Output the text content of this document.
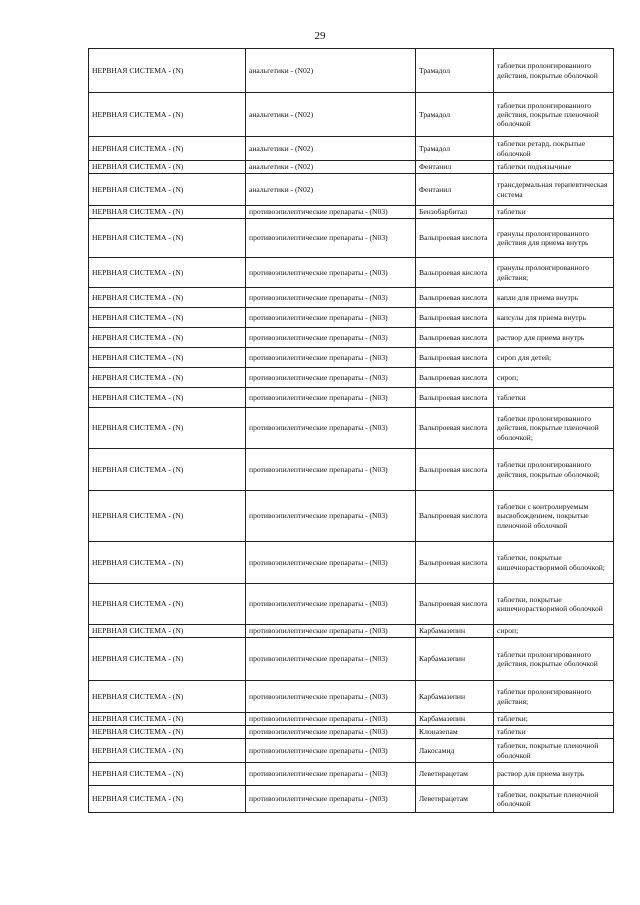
29
НЕРВНАЯ СИСТЕМА - (N)	анальгетики - (N02)	Трамадол	таблетки пролонгированного действия, покрытые оболочкой
НЕРВНАЯ СИСТЕМА - (N)	анальгетики - (N02)	Трамадол	таблетки пролонгированного действия, покрытые пленочной оболочкой
НЕРВНАЯ СИСТЕМА - (N)	анальгетики - (N02)	Трамадол	таблетки ретард, покрытые оболочкой
НЕРВНАЯ СИСТЕМА - (N)	анальгетики - (N02)	Фентанил	таблетки подъязычные
НЕРВНАЯ СИСТЕМА - (N)	анальгетики - (N02)	Фентанил	трансдермальная терапевтическая система
НЕРВНАЯ СИСТЕМА - (N)	противоэпилептические препараты - (N03)	Бензобарбитал	таблетки
НЕРВНАЯ СИСТЕМА - (N)	противоэпилептические препараты - (N03)	Вальпроевая кислота	гранулы пролонгированного действия для приема внутрь
НЕРВНАЯ СИСТЕМА - (N)	противоэпилептические препараты - (N03)	Вальпроевая кислота	гранулы пролонгированного действия;
НЕРВНАЯ СИСТЕМА - (N)	противоэпилептические препараты - (N03)	Вальпроевая кислота	капли для приема внутрь
НЕРВНАЯ СИСТЕМА - (N)	противоэпилептические препараты - (N03)	Вальпроевая кислота	капсулы для приема внутрь
НЕРВНАЯ СИСТЕМА - (N)	противоэпилептические препараты - (N03)	Вальпроевая кислота	раствор для приема внутрь
НЕРВНАЯ СИСТЕМА - (N)	противоэпилептические препараты - (N03)	Вальпроевая кислота	сироп для детей;
НЕРВНАЯ СИСТЕМА - (N)	противоэпилептические препараты - (N03)	Вальпроевая кислота	сироп;
НЕРВНАЯ СИСТЕМА - (N)	противоэпилептические препараты - (N03)	Вальпроевая кислота	таблетки
НЕРВНАЯ СИСТЕМА - (N)	противоэпилептические препараты - (N03)	Вальпроевая кислота	таблетки пролонгированного действия, покрытые пленочной оболочкой;
НЕРВНАЯ СИСТЕМА - (N)	противоэпилептические препараты - (N03)	Вальпроевая кислота	таблетки пролонгированного действия, покрытые оболочкой;
НЕРВНАЯ СИСТЕМА - (N)	противоэпилептические препараты - (N03)	Вальпроевая кислота	таблетки с контролируемым высвобождением, покрытые пленочной оболочкой
НЕРВНАЯ СИСТЕМА - (N)	противоэпилептические препараты - (N03)	Вальпроевая кислота	таблетки, покрытые кишечнорастворимой оболочкой;
НЕРВНАЯ СИСТЕМА - (N)	противоэпилептические препараты - (N03)	Вальпроевая кислота	таблетки, покрытые кишечнорастворимой оболочкой
НЕРВНАЯ СИСТЕМА - (N)	противоэпилептические препараты - (N03)	Карбамазепин	сироп;
НЕРВНАЯ СИСТЕМА - (N)	противоэпилептические препараты - (N03)	Карбамазепин	таблетки пролонгированного действия, покрытые оболочкой
НЕРВНАЯ СИСТЕМА - (N)	противоэпилептические препараты - (N03)	Карбамазепин	таблетки пролонгированного действия;
НЕРВНАЯ СИСТЕМА - (N)	противоэпилептические препараты - (N03)	Карбамазепин	таблетки;
НЕРВНАЯ СИСТЕМА - (N)	противоэпилептические препараты - (N03)	Клоназепам	таблетки
НЕРВНАЯ СИСТЕМА - (N)	противоэпилептические препараты - (N03)	Лакосамид	таблетки, покрытые пленочной оболочкой
НЕРВНАЯ СИСТЕМА - (N)	противоэпилептические препараты - (N03)	Леветирацетам	раствор для приема внутрь
НЕРВНАЯ СИСТЕМА - (N)	противоэпилептические препараты - (N03)	Леветирацетам	таблетки, покрытые пленочной оболочкой
